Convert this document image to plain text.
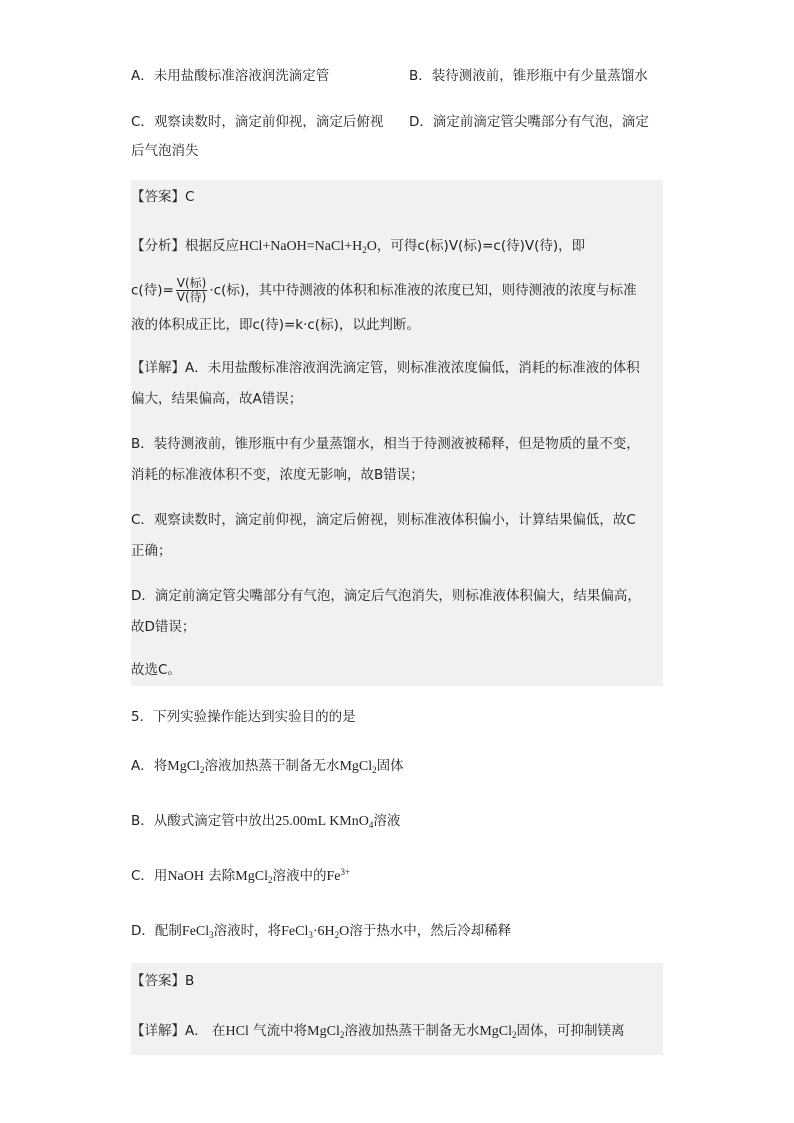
A．未用盐酸标准溶液润洗滴定管	B．装待测液前，锥形瓶中有少量蒸馏水
C．观察读数时，滴定前仰视，滴定后俯视 D．滴定前滴定管尖嘴部分有气泡，滴定
后气泡消失
【答案】C
【分析】根据反应$HCl+NaOH=NaCl+H_2O$，可得c(标)V(标)=c(待)V(待)，即
c(待)= $\frac{\text{V(标)}}{\text{V(待)}} \cdot c$(标)，其中待测液的体积和标准液的浓度已知，则待测液的浓度与标准
液的体积成正比，即c(待)=k·c(标)，以此判断。
【详解】A．未用盐酸标准溶液润洗滴定管，则标准液浓度偏低，消耗的标准液的体积
偏大，结果偏高，故A错误；
B．装待测液前，锥形瓶中有少量蒸馏水，相当于待测液被稀释，但是物质的量不变，
消耗的标准液体积不变，浓度无影响，故B错误；
C．观察读数时，滴定前仰视，滴定后俯视，则标准液体积偏小，计算结果偏低，故C
正确；
D．滴定前滴定管尖嘴部分有气泡，滴定后气泡消失，则标准液体积偏大，结果偏高，
故D错误；
故选C。
5．下列实验操作能达到实验目的的是
A．将MgCl$_2$溶液加热蒸干制备无水MgCl$_2$固体
B．从酸式滴定管中放出25.00mL KMnO$_4$溶液
C．用NaOH 去除MgCl$_2$溶液中的$Fe^{3+}$
D．配制FeCl$_3$溶液时，将$FeCl_3\cdot 6H_2O$溶于热水中，然后冷却稀释
【答案】B
【详解】A． 在HCl 气流中将MgCl$_2$溶液加热蒸干制备无水MgCl$_2$固体，可抑制镁离
